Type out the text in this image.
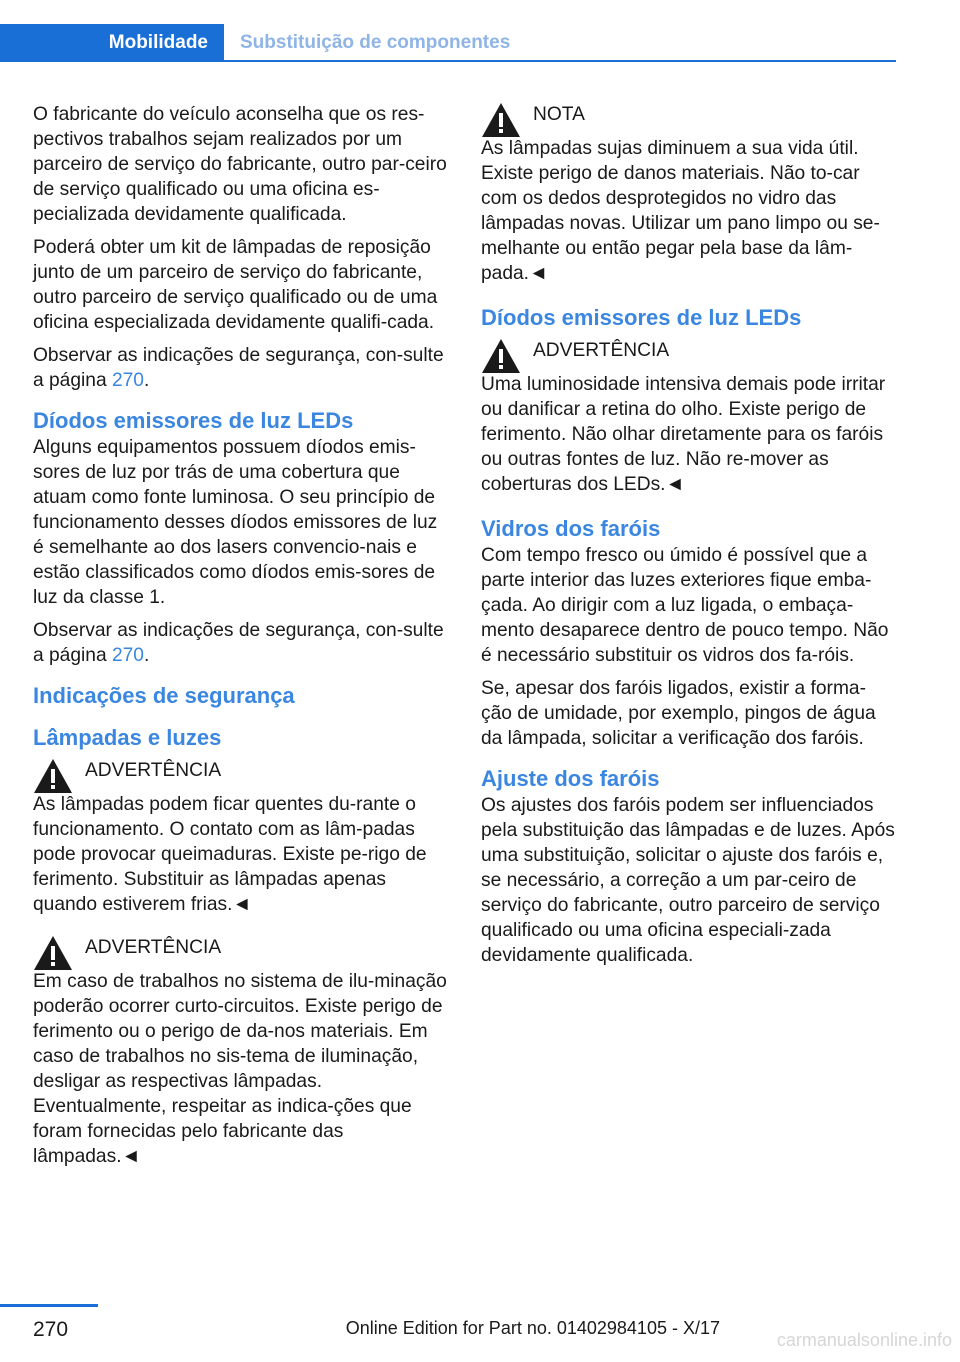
Mobilidade	Substituição de componentes

O fabricante do veículo aconselha que os res-pectivos trabalhos sejam realizados por um parceiro de serviço do fabricante, outro par-ceiro de serviço qualificado ou uma oficina es-pecializada devidamente qualificada.

Poderá obter um kit de lâmpadas de reposição junto de um parceiro de serviço do fabricante, outro parceiro de serviço qualificado ou de uma oficina especializada devidamente qualifi-cada.

Observar as indicações de segurança, con-sulte a página 270.

Díodos emissores de luz LEDs

Alguns equipamentos possuem díodos emis-sores de luz por trás de uma cobertura que atuam como fonte luminosa. O seu princípio de funcionamento desses díodos emissores de luz é semelhante ao dos lasers convencio-nais e estão classificados como díodos emis-sores de luz da classe 1.

Observar as indicações de segurança, con-sulte a página 270.

Indicações de segurança
Lâmpadas e luzes
ADVERTÊNCIA
As lâmpadas podem ficar quentes du-rante o funcionamento. O contato com as lâm-padas pode provocar queimaduras. Existe pe-rigo de ferimento. Substituir as lâmpadas apenas quando estiverem frias.◄
ADVERTÊNCIA
Em caso de trabalhos no sistema de ilu-minação poderão ocorrer curto-circuitos. Existe perigo de ferimento ou o perigo de da-nos materiais. Em caso de trabalhos no sis-tema de iluminação, desligar as respectivas lâmpadas. Eventualmente, respeitar as indica-ções que foram fornecidas pelo fabricante das lâmpadas.◄
NOTA
As lâmpadas sujas diminuem a sua vida útil. Existe perigo de danos materiais. Não to-car com os dedos desprotegidos no vidro das lâmpadas novas. Utilizar um pano limpo ou se-melhante ou então pegar pela base da lâm-pada.◄
Díodos emissores de luz LEDs
ADVERTÊNCIA
Uma luminosidade intensiva demais pode irritar ou danificar a retina do olho. Existe perigo de ferimento. Não olhar diretamente para os faróis ou outras fontes de luz. Não re-mover as coberturas dos LEDs.◄
Vidros dos faróis

Com tempo fresco ou úmido é possível que a parte interior das luzes exteriores fique emba-çada. Ao dirigir com a luz ligada, o embaça-mento desaparece dentro de pouco tempo. Não é necessário substituir os vidros dos fa-róis.

Se, apesar dos faróis ligados, existir a forma-ção de umidade, por exemplo, pingos de água da lâmpada, solicitar a verificação dos faróis.

Ajuste dos faróis

Os ajustes dos faróis podem ser influenciados pela substituição das lâmpadas e de luzes. Após uma substituição, solicitar o ajuste dos faróis e, se necessário, a correção a um par-ceiro de serviço do fabricante, outro parceiro de serviço qualificado ou uma oficina especiali-zada devidamente qualificada.

270	Online Edition for Part no. 01402984105 - X/17
carmanualsonline.info
